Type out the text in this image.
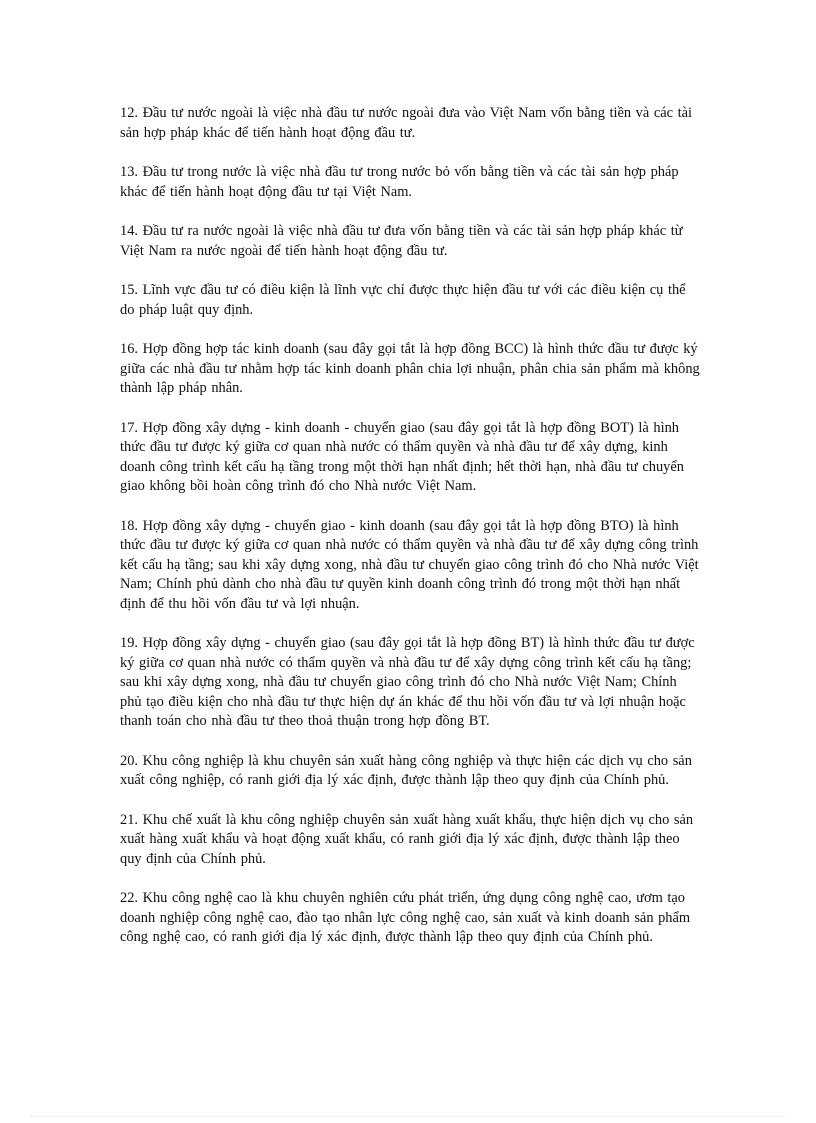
12. Đầu tư nước ngoài là việc nhà đầu tư nước ngoài đưa vào Việt Nam vốn bằng tiền và các tài sản hợp pháp khác để tiến hành hoạt động đầu tư.

13. Đầu tư trong nước là việc nhà đầu tư trong nước bỏ vốn bằng tiền và các tài sản hợp pháp khác để tiến hành hoạt động đầu tư tại Việt Nam.

14. Đầu tư ra nước ngoài là việc nhà đầu tư đưa vốn bằng tiền và các tài sản hợp pháp khác từ Việt Nam ra nước ngoài để tiến hành hoạt động đầu tư.

15. Lĩnh vực đầu tư có điều kiện là lĩnh vực chỉ được thực hiện đầu tư với các điều kiện cụ thể do pháp luật quy định.

16. Hợp đồng hợp tác kinh doanh (sau đây gọi tắt là hợp đồng BCC) là hình thức đầu tư được ký giữa các nhà đầu tư nhằm hợp tác kinh doanh phân chia lợi nhuận, phân chia sản phẩm mà không thành lập pháp nhân.

17. Hợp đồng xây dựng - kinh doanh - chuyển giao (sau đây gọi tắt là hợp đồng BOT) là hình thức đầu tư được ký giữa cơ quan nhà nước có thẩm quyền và nhà đầu tư để xây dựng, kinh doanh công trình kết cấu hạ tầng trong một thời hạn nhất định; hết thời hạn, nhà đầu tư chuyển giao không bồi hoàn công trình đó cho Nhà nước Việt Nam.

18. Hợp đồng xây dựng - chuyển giao - kinh doanh (sau đây gọi tắt là hợp đồng BTO) là hình thức đầu tư được ký giữa cơ quan nhà nước có thẩm quyền và nhà đầu tư để xây dựng công trình kết cấu hạ tầng; sau khi xây dựng xong, nhà đầu tư chuyển giao công trình đó cho Nhà nước Việt Nam; Chính phủ dành cho nhà đầu tư quyền kinh doanh công trình đó trong một thời hạn nhất định để thu hồi vốn đầu tư và lợi nhuận.

19. Hợp đồng xây dựng - chuyển giao (sau đây gọi tắt là hợp đồng BT) là hình thức đầu tư được ký giữa cơ quan nhà nước có thẩm quyền và nhà đầu tư để xây dựng công trình kết cấu hạ tầng; sau khi xây dựng xong, nhà đầu tư chuyển giao công trình đó cho Nhà nước Việt Nam; Chính phủ tạo điều kiện cho nhà đầu tư thực hiện dự án khác để thu hồi vốn đầu tư và lợi nhuận hoặc thanh toán cho nhà đầu tư theo thoả thuận trong hợp đồng BT.

20. Khu công nghiệp là khu chuyên sản xuất hàng công nghiệp và thực hiện các dịch vụ cho sản xuất công nghiệp, có ranh giới địa lý xác định, được thành lập theo quy định của Chính phủ.

21. Khu chế xuất là khu công nghiệp chuyên sản xuất hàng xuất khẩu, thực hiện dịch vụ cho sản xuất hàng xuất khẩu và hoạt động xuất khẩu, có ranh giới địa lý xác định, được thành lập theo quy định của Chính phủ.

22. Khu công nghệ cao là khu chuyên nghiên cứu phát triển, ứng dụng công nghệ cao, ươm tạo doanh nghiệp công nghệ cao, đào tạo nhân lực công nghệ cao, sản xuất và kinh doanh sản phẩm công nghệ cao, có ranh giới địa lý xác định, được thành lập theo quy định của Chính phủ.
